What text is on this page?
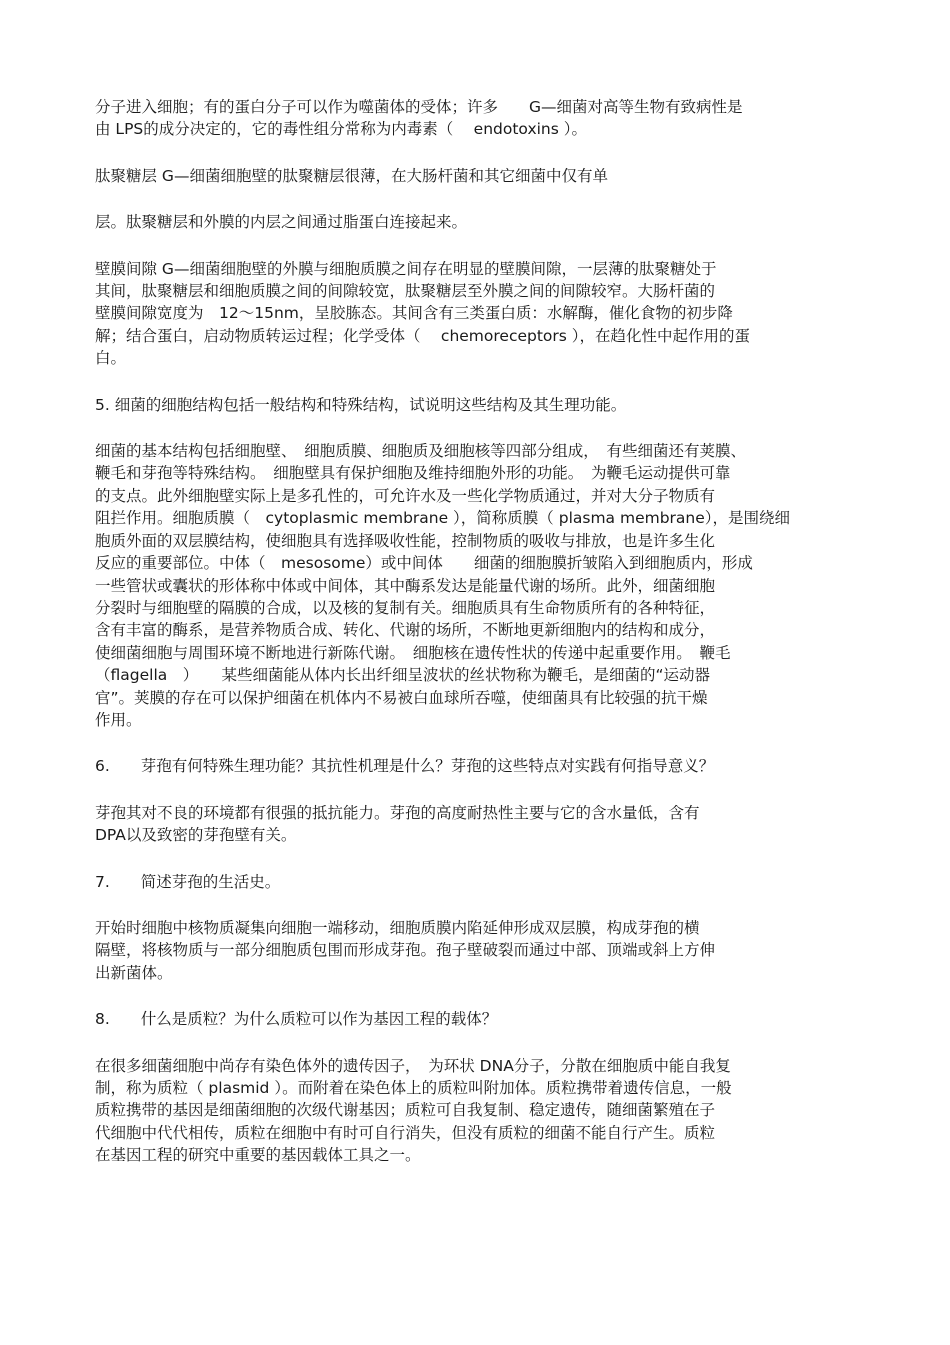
分子进入细胞；有的蛋白分子可以作为噬菌体的受体；许多　　G—细菌对高等生物有致病性是
由 LPS的成分决定的，它的毒性组分常称为内毒素（　 endotoxins ）。

肽聚糖层 G—细菌细胞壁的肽聚糖层很薄，在大肠杆菌和其它细菌中仅有单

层。肽聚糖层和外膜的内层之间通过脂蛋白连接起来。

壁膜间隙 G—细菌细胞壁的外膜与细胞质膜之间存在明显的壁膜间隙，一层薄的肽聚糖处于
其间，肽聚糖层和细胞质膜之间的间隙较宽，肽聚糖层至外膜之间的间隙较窄。大肠杆菌的
壁膜间隙宽度为　12～15nm，呈胶胨态。其间含有三类蛋白质：水解酶，催化食物的初步降
解；结合蛋白，启动物质转运过程；化学受体（　 chemoreceptors ），在趋化性中起作用的蛋
白。

5. 细菌的细胞结构包括一般结构和特殊结构，试说明这些结构及其生理功能。

细菌的基本结构包括细胞壁、　细胞质膜、细胞质及细胞核等四部分组成，　有些细菌还有荚膜、
鞭毛和芽孢等特殊结构。　细胞壁具有保护细胞及维持细胞外形的功能。　为鞭毛运动提供可靠
的支点。此外细胞壁实际上是多孔性的，可允许水及一些化学物质通过，并对大分子物质有
阻拦作用。细胞质膜（　cytoplasmic membrane ），简称质膜（ plasma membrane），是围绕细
胞质外面的双层膜结构，使细胞具有选择吸收性能，控制物质的吸收与排放，也是许多生化
反应的重要部位。中体（　mesosome）或中间体　　细菌的细胞膜折皱陷入到细胞质内，形成
一些管状或囊状的形体称中体或中间体，其中酶系发达是能量代谢的场所。此外，细菌细胞
分裂时与细胞壁的隔膜的合成，以及核的复制有关。细胞质具有生命物质所有的各种特征，
含有丰富的酶系，是营养物质合成、转化、代谢的场所，不断地更新细胞内的结构和成分，
使细菌细胞与周围环境不断地进行新陈代谢。　细胞核在遗传性状的传递中起重要作用。　鞭毛
（flagella　）　　某些细菌能从体内长出纤细呈波状的丝状物称为鞭毛，是细菌的“运动器
官”。荚膜的存在可以保护细菌在机体内不易被白血球所吞噬，使细菌具有比较强的抗干燥
作用。

6.　　芽孢有何特殊生理功能？其抗性机理是什么？芽孢的这些特点对实践有何指导意义？

芽孢其对不良的环境都有很强的抵抗能力。芽孢的高度耐热性主要与它的含水量低，含有
DPA以及致密的芽孢壁有关。

7.　　简述芽孢的生活史。

开始时细胞中核物质凝集向细胞一端移动，细胞质膜内陷延伸形成双层膜，构成芽孢的横
隔壁，将核物质与一部分细胞质包围而形成芽孢。孢子壁破裂而通过中部、顶端或斜上方伸
出新菌体。

8.　　什么是质粒？为什么质粒可以作为基因工程的载体？

在很多细菌细胞中尚存有染色体外的遗传因子，　为环状 DNA分子，分散在细胞质中能自我复
制，称为质粒（ plasmid ）。而附着在染色体上的质粒叫附加体。质粒携带着遗传信息，一般
质粒携带的基因是细菌细胞的次级代谢基因；质粒可自我复制、稳定遗传，随细菌繁殖在子
代细胞中代代相传，质粒在细胞中有时可自行消失，但没有质粒的细菌不能自行产生。质粒
在基因工程的研究中重要的基因载体工具之一。
